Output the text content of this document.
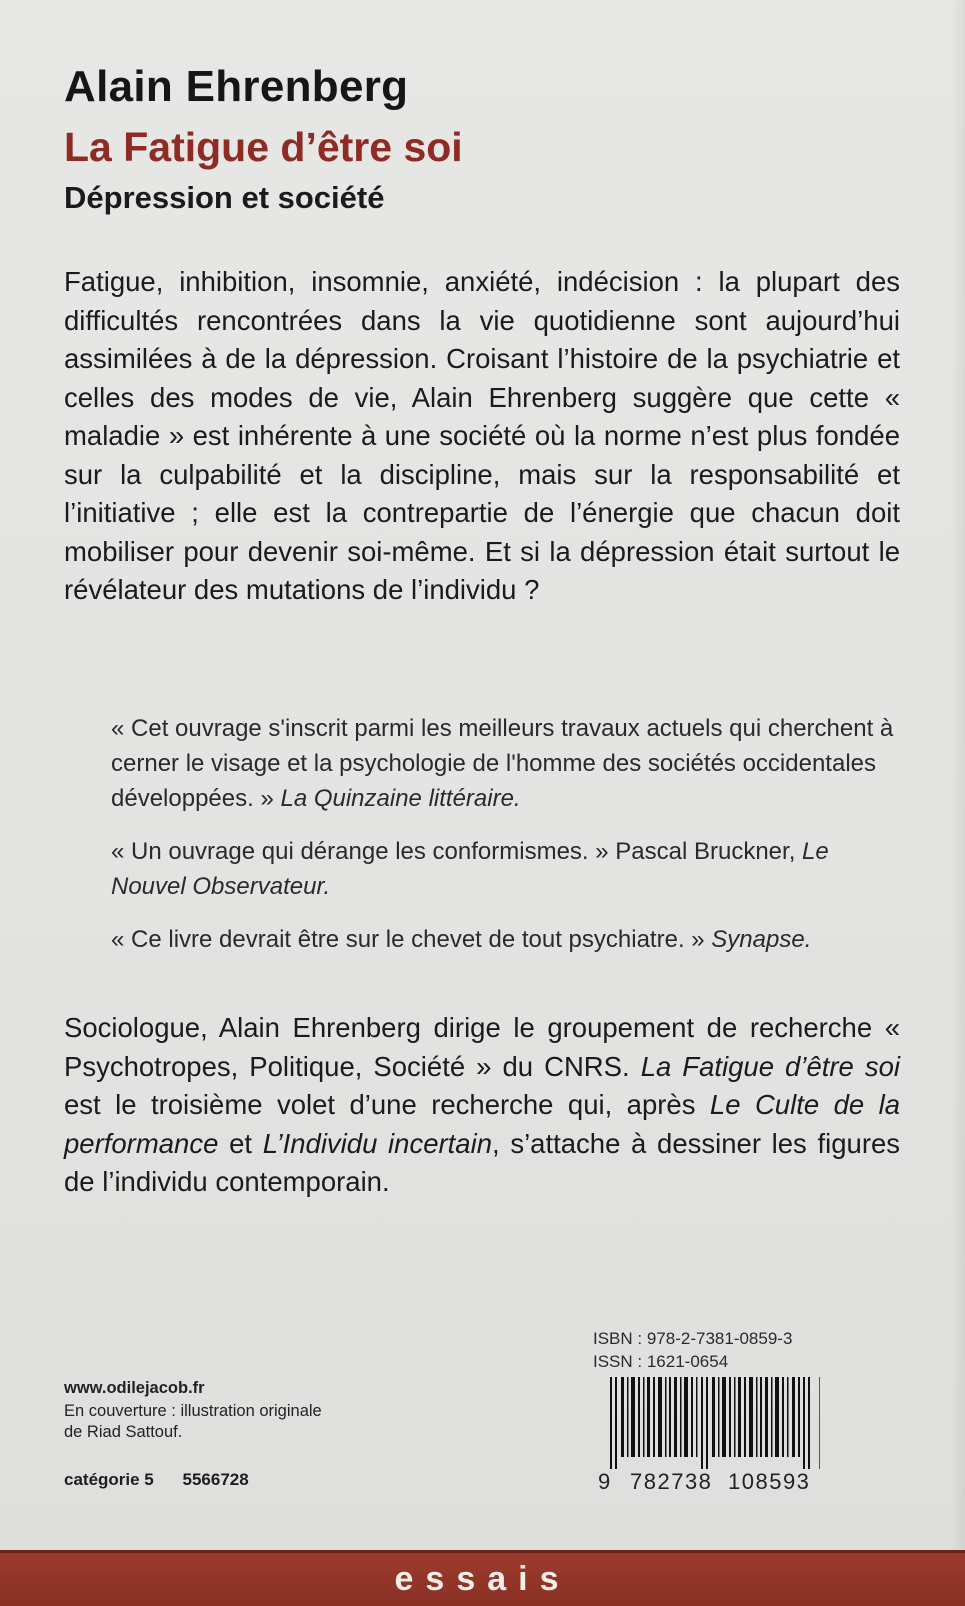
Alain Ehrenberg
La Fatigue d’être soi
Dépression et société

Fatigue, inhibition, insomnie, anxiété, indécision : la plupart des difficultés rencontrées dans la vie quotidienne sont aujourd’hui assimilées à de la dépression. Croisant l’histoire de la psychiatrie et celles des modes de vie, Alain Ehrenberg suggère que cette « maladie » est inhérente à une société où la norme n’est plus fondée sur la culpabilité et la discipline, mais sur la responsabilité et l’initiative ; elle est la contrepartie de l’énergie que chacun doit mobiliser pour devenir soi-même. Et si la dépression était surtout le révélateur des mutations de l’individu ?

« Cet ouvrage s'inscrit parmi les meilleurs travaux actuels qui cherchent à cerner le visage et la psychologie de l'homme des sociétés occidentales développées. » La Quinzaine littéraire.

« Un ouvrage qui dérange les conformismes. » Pascal Bruckner, Le Nouvel Observateur.

« Ce livre devrait être sur le chevet de tout psychiatre. » Synapse.

Sociologue, Alain Ehrenberg dirige le groupement de recherche « Psychotropes, Politique, Société » du CNRS. La Fatigue d’être soi est le troisième volet d’une recherche qui, après Le Culte de la performance et L’Individu incertain, s’attache à dessiner les figures de l’individu contemporain.

www.odilejacob.fr
En couverture : illustration originale
de Riad Sattouf.
catégorie 5 5566728
ISBN : 978-2-7381-0859-3
ISSN : 1621-0654
9 782738 108593
essais
